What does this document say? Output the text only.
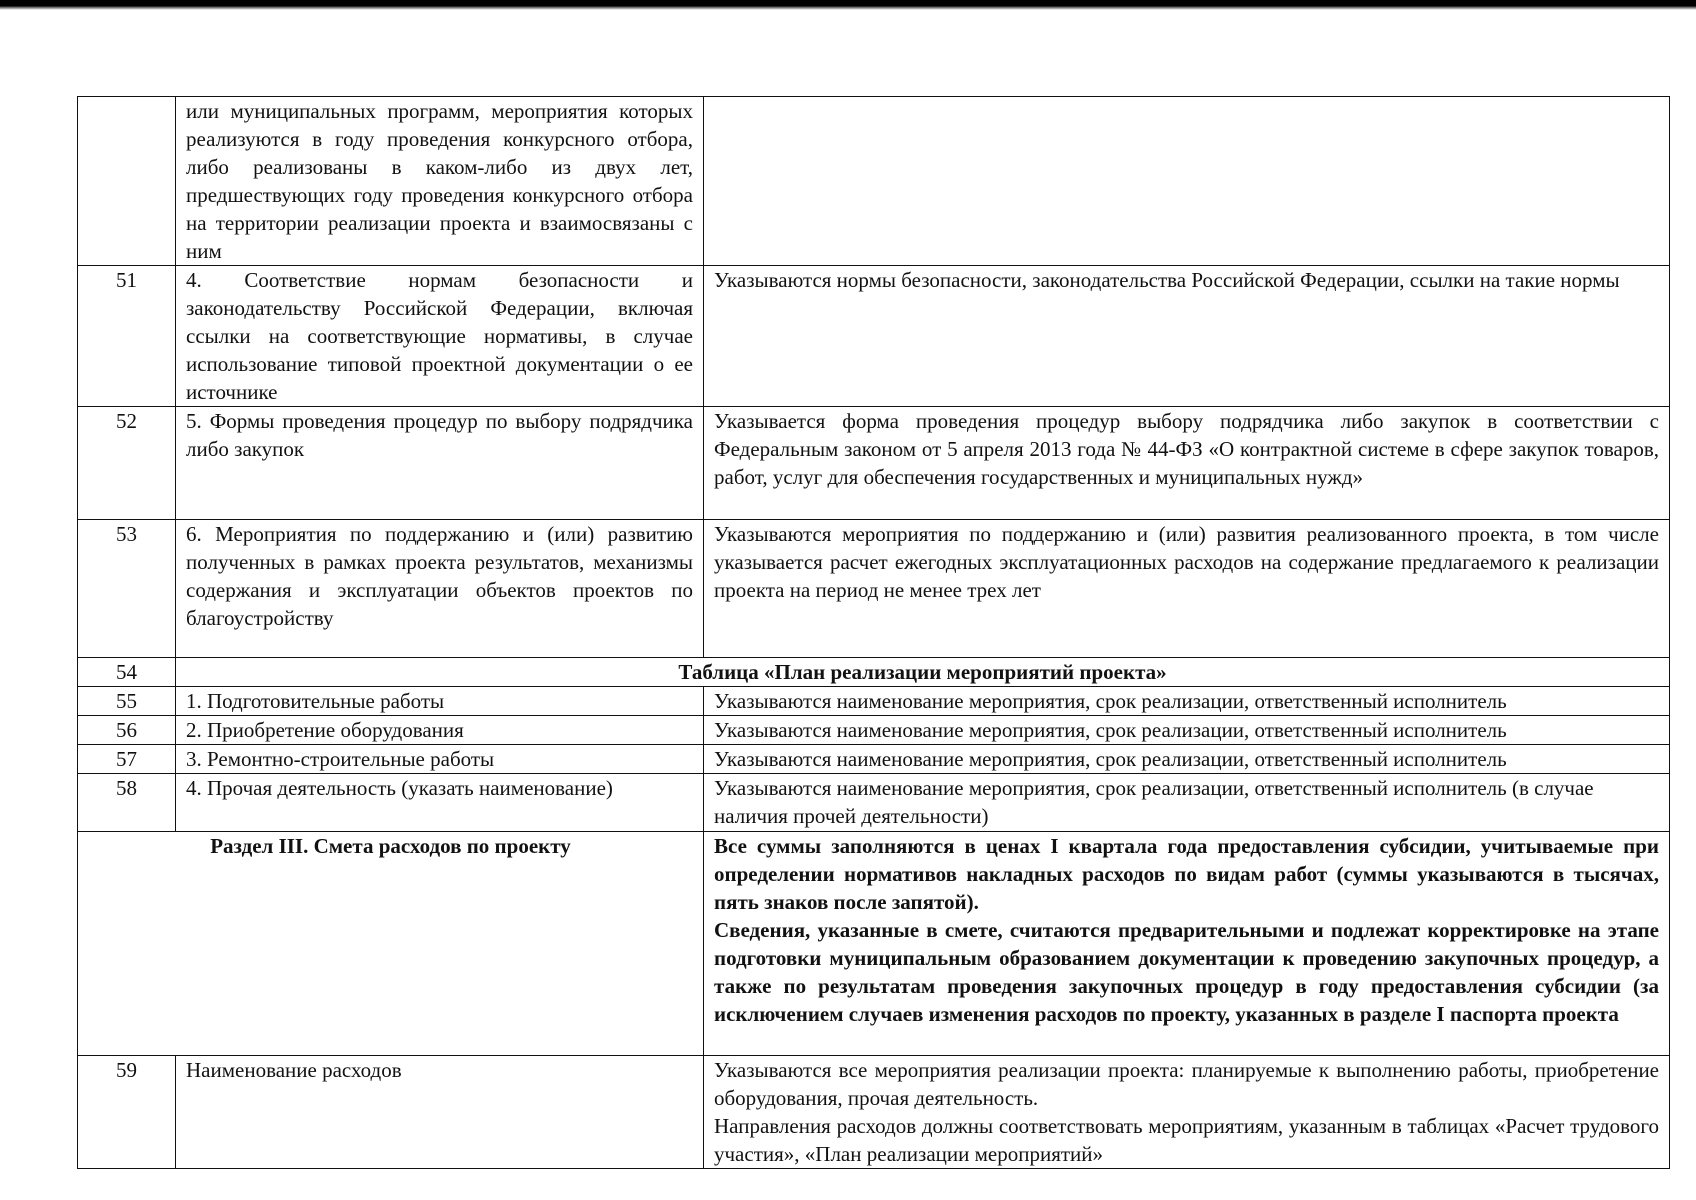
	или муниципальных программ, мероприятия которых реализуются в году проведения конкурсного отбора, либо реализованы в каком-либо из двух лет, предшествующих году проведения конкурсного отбора на территории реализации проекта и взаимосвязаны с ним	
51	4. Соответствие нормам безопасности и законодательству Российской Федерации, включая ссылки на соответствующие нормативы, в случае использование типовой проектной документации о ее источнике	Указываются нормы безопасности, законодательства Российской Федерации, ссылки на такие нормы
52	5. Формы проведения процедур по выбору подрядчика либо закупок	Указывается форма проведения процедур выбору подрядчика либо закупок в соответствии с Федеральным законом от 5 апреля 2013 года № 44-ФЗ «О контрактной системе в сфере закупок товаров, работ, услуг для обеспечения государственных и муниципальных нужд»
53	6. Мероприятия по поддержанию и (или) развитию полученных в рамках проекта результатов, механизмы содержания и эксплуатации объектов проектов по благоустройству	Указываются мероприятия по поддержанию и (или) развития реализованного проекта, в том числе указывается расчет ежегодных эксплуатационных расходов на содержание предлагаемого к реализации проекта на период не менее трех лет
54	Таблица «План реализации мероприятий проекта»	
55	1. Подготовительные работы	Указываются наименование мероприятия, срок реализации, ответственный исполнитель
56	2. Приобретение оборудования	Указываются наименование мероприятия, срок реализации, ответственный исполнитель
57	3. Ремонтно-строительные работы	Указываются наименование мероприятия, срок реализации, ответственный исполнитель
58	4. Прочая деятельность (указать наименование)	Указываются наименование мероприятия, срок реализации, ответственный исполнитель (в случае наличия прочей деятельности)
Раздел III. Смета расходов по проекту		Все суммы заполняются в ценах I квартала года предоставления субсидии, учитываемые при определении нормативов накладных расходов по видам работ (суммы указываются в тысячах, пять знаков после запятой).
Сведения, указанные в смете, считаются предварительными и подлежат корректировке на этапе подготовки муниципальным образованием документации к проведению закупочных процедур, а также по результатам проведения закупочных процедур в году предоставления субсидии (за исключением случаев изменения расходов по проекту, указанных в разделе I паспорта проекта

59	Наименование расходов	Указываются все мероприятия реализации проекта: планируемые к выполнению работы, приобретение оборудования, прочая деятельность.
Направления расходов должны соответствовать мероприятиям, указанным в таблицах «Расчет трудового участия», «План реализации мероприятий»
